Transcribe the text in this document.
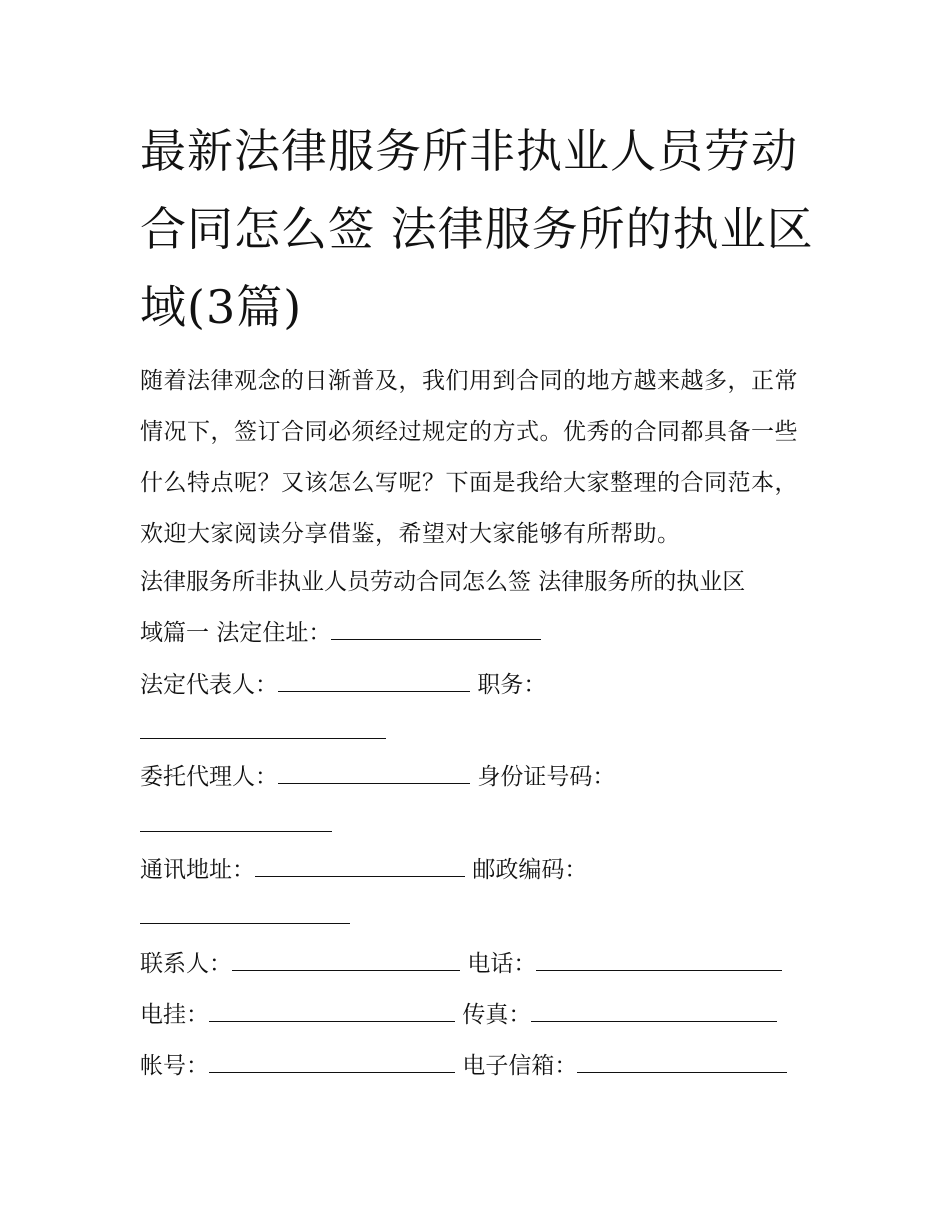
最新法律服务所非执业人员劳动合同怎么签 法律服务所的执业区域(3篇)

随着法律观念的日渐普及，我们用到合同的地方越来越多，正常情况下，签订合同必须经过规定的方式。优秀的合同都具备一些什么特点呢？又该怎么写呢？下面是我给大家整理的合同范本，欢迎大家阅读分享借鉴，希望对大家能够有所帮助。

法律服务所非执业人员劳动合同怎么签 法律服务所的执业区

域篇一 法定住址：

法定代表人：	职务：

委托代理人：	身份证号码：

通讯地址：	邮政编码：

联系人：	电话：

电挂：	传真：

帐号：	电子信箱：
